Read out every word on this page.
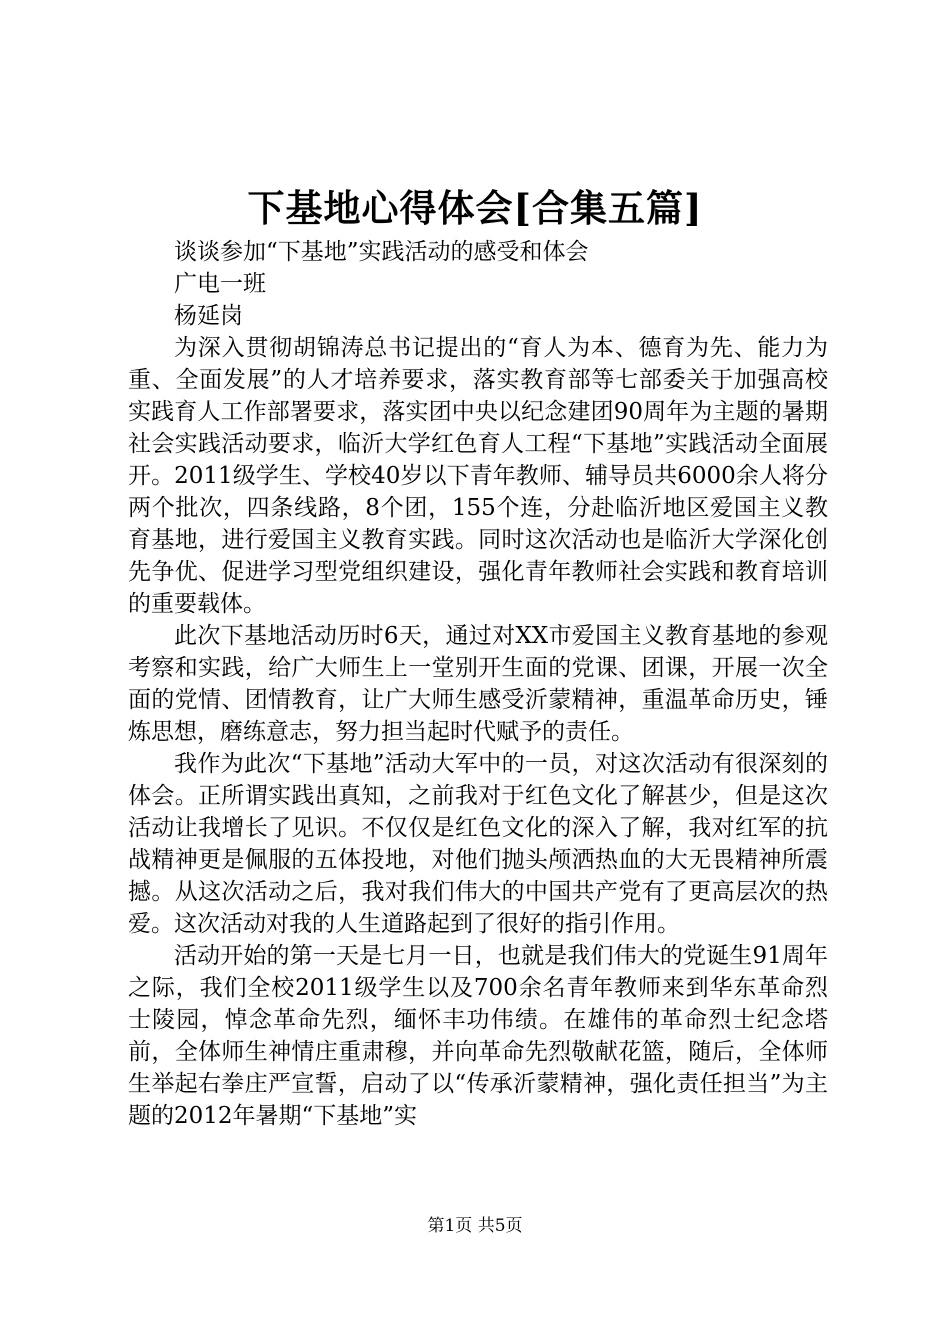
下基地心得体会[合集五篇]

谈谈参加“下基地”实践活动的感受和体会

广电一班

杨延岗

为深入贯彻胡锦涛总书记提出的“育人为本、德育为先、能力为重、全面发展”的人才培养要求，落实教育部等七部委关于加强高校实践育人工作部署要求，落实团中央以纪念建团90周年为主题的暑期社会实践活动要求，临沂大学红色育人工程“下基地”实践活动全面展开。2011级学生、学校40岁以下青年教师、辅导员共6000余人将分两个批次，四条线路，8个团，155个连，分赴临沂地区爱国主义教育基地，进行爱国主义教育实践。同时这次活动也是临沂大学深化创先争优、促进学习型党组织建设，强化青年教师社会实践和教育培训的重要载体。

此次下基地活动历时6天，通过对XX市爱国主义教育基地的参观考察和实践，给广大师生上一堂别开生面的党课、团课，开展一次全面的党情、团情教育，让广大师生感受沂蒙精神，重温革命历史，锤炼思想，磨练意志，努力担当起时代赋予的责任。

我作为此次“下基地”活动大军中的一员，对这次活动有很深刻的体会。正所谓实践出真知，之前我对于红色文化了解甚少，但是这次活动让我增长了见识。不仅仅是红色文化的深入了解，我对红军的抗战精神更是佩服的五体投地，对他们抛头颅洒热血的大无畏精神所震撼。从这次活动之后，我对我们伟大的中国共产党有了更高层次的热爱。这次活动对我的人生道路起到了很好的指引作用。

活动开始的第一天是七月一日，也就是我们伟大的党诞生91周年之际，我们全校2011级学生以及700余名青年教师来到华东革命烈士陵园，悼念革命先烈，缅怀丰功伟绩。在雄伟的革命烈士纪念塔前，全体师生神情庄重肃穆，并向革命先烈敬献花篮，随后，全体师生举起右拳庄严宣誓，启动了以“传承沂蒙精神，强化责任担当”为主题的2012年暑期“下基地”实

第1页 共5页
